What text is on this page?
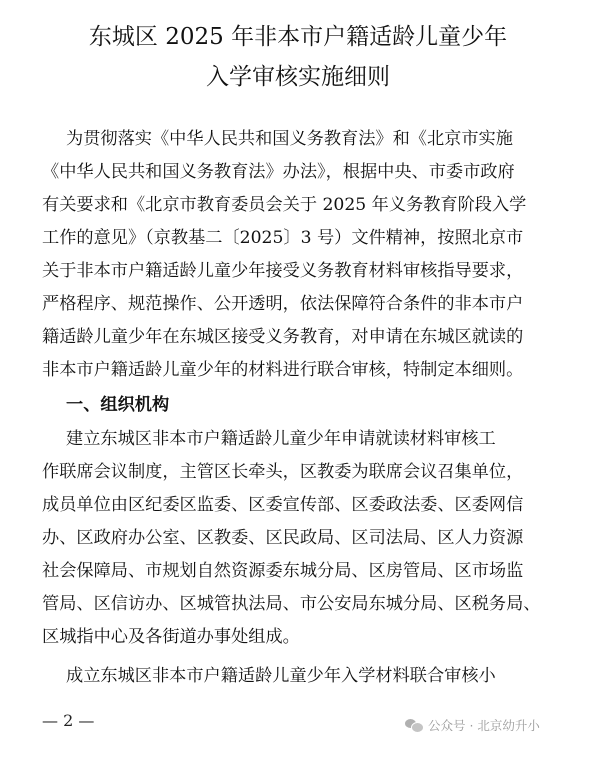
东城区 2025 年非本市户籍适龄儿童少年
入学审核实施细则
为贯彻落实《中华人民共和国义务教育法》和《北京市实施
《中华人民共和国义务教育法》办法》，根据中央、市委市政府
有关要求和《北京市教育委员会关于 2025 年义务教育阶段入学
工作的意见》（京教基二〔2025〕3 号）文件精神，按照北京市
关于非本市户籍适龄儿童少年接受义务教育材料审核指导要求，
严格程序、规范操作、公开透明，依法保障符合条件的非本市户
籍适龄儿童少年在东城区接受义务教育，对申请在东城区就读的
非本市户籍适龄儿童少年的材料进行联合审核，特制定本细则。
一、组织机构
建立东城区非本市户籍适龄儿童少年申请就读材料审核工
作联席会议制度，主管区长牵头，区教委为联席会议召集单位，
成员单位由区纪委区监委、区委宣传部、区委政法委、区委网信
办、区政府办公室、区教委、区民政局、区司法局、区人力资源
社会保障局、市规划自然资源委东城分局、区房管局、区市场监
管局、区信访办、区城管执法局、市公安局东城分局、区税务局、
区城指中心及各街道办事处组成。
成立东城区非本市户籍适龄儿童少年入学材料联合审核小
— 2 —	公众号 · 北京幼升小
